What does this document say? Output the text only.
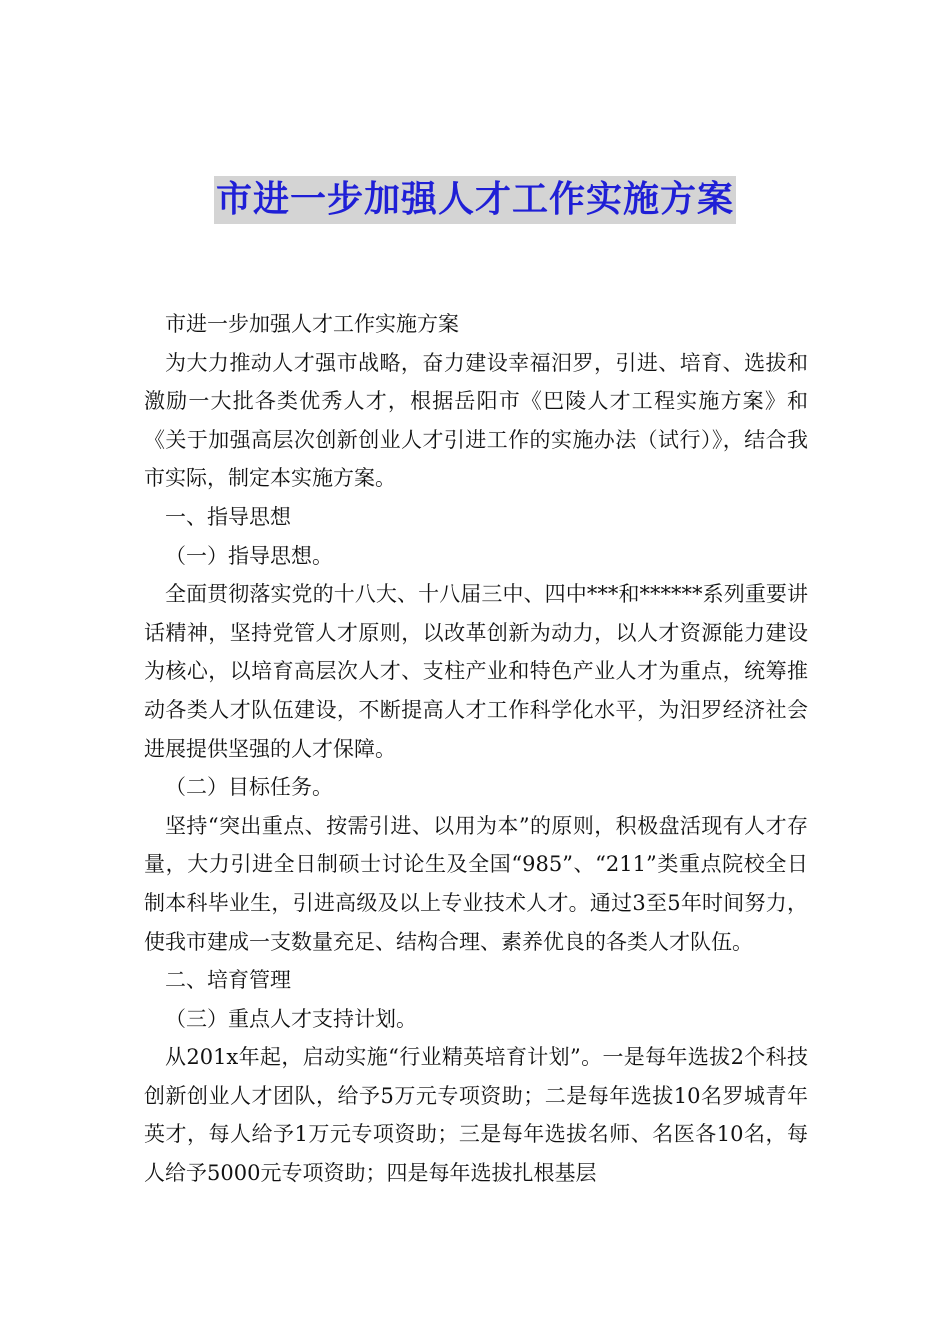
市进一步加强人才工作实施方案

市进一步加强人才工作实施方案

为大力推动人才强市战略，奋力建设幸福汨罗，引进、培育、选拔和激励一大批各类优秀人才，根据岳阳市《巴陵人才工程实施方案》和《关于加强高层次创新创业人才引进工作的实施办法（试行）》，结合我市实际，制定本实施方案。

一、指导思想

（一）指导思想。

全面贯彻落实党的十八大、十八届三中、四中***和******系列重要讲话精神，坚持党管人才原则，以改革创新为动力，以人才资源能力建设为核心，以培育高层次人才、支柱产业和特色产业人才为重点，统筹推动各类人才队伍建设，不断提高人才工作科学化水平，为汨罗经济社会进展提供坚强的人才保障。

（二）目标任务。

坚持“突出重点、按需引进、以用为本”的原则，积极盘活现有人才存量，大力引进全日制硕士讨论生及全国“985”、“211”类重点院校全日制本科毕业生，引进高级及以上专业技术人才。通过3至5年时间努力，使我市建成一支数量充足、结构合理、素养优良的各类人才队伍。

二、培育管理

（三）重点人才支持计划。

从201x年起，启动实施“行业精英培育计划”。一是每年选拔2个科技创新创业人才团队，给予5万元专项资助；二是每年选拔10名罗城青年英才，每人给予1万元专项资助；三是每年选拔名师、名医各10名，每人给予5000元专项资助；四是每年选拔扎根基层
